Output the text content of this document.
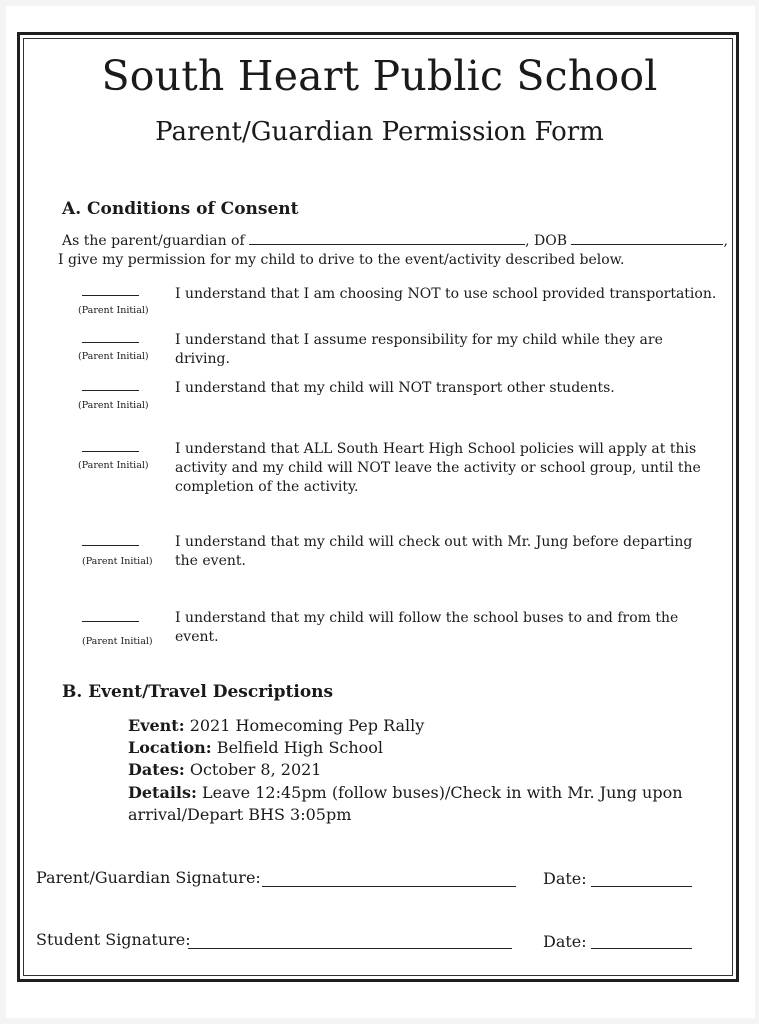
South Heart Public School
Parent/Guardian Permission Form
A. Conditions of Consent
As the parent/guardian of	, DOB	,
I give my permission for my child to drive to the event/activity described below.
(Parent Initial)
I understand that I am choosing NOT to use school provided transportation.
(Parent Initial)
I understand that I assume responsibility for my child while they are driving.
(Parent Initial)
I understand that my child will NOT transport other students.
(Parent Initial)
I understand that ALL South Heart High School policies will apply at this activity and my child will NOT leave the activity or school group, until the completion of the activity.
(Parent Initial)
I understand that my child will check out with Mr. Jung before departing the event.
(Parent Initial)
I understand that my child will follow the school buses to and from the event.
B. Event/Travel Descriptions
Event: 2021 Homecoming Pep Rally
Location: Belfield High School
Dates: October 8, 2021
Details: Leave 12:45pm (follow buses)/Check in with Mr. Jung upon
arrival/Depart BHS 3:05pm
Parent/Guardian Signature:	Date:
Student Signature:	Date:
